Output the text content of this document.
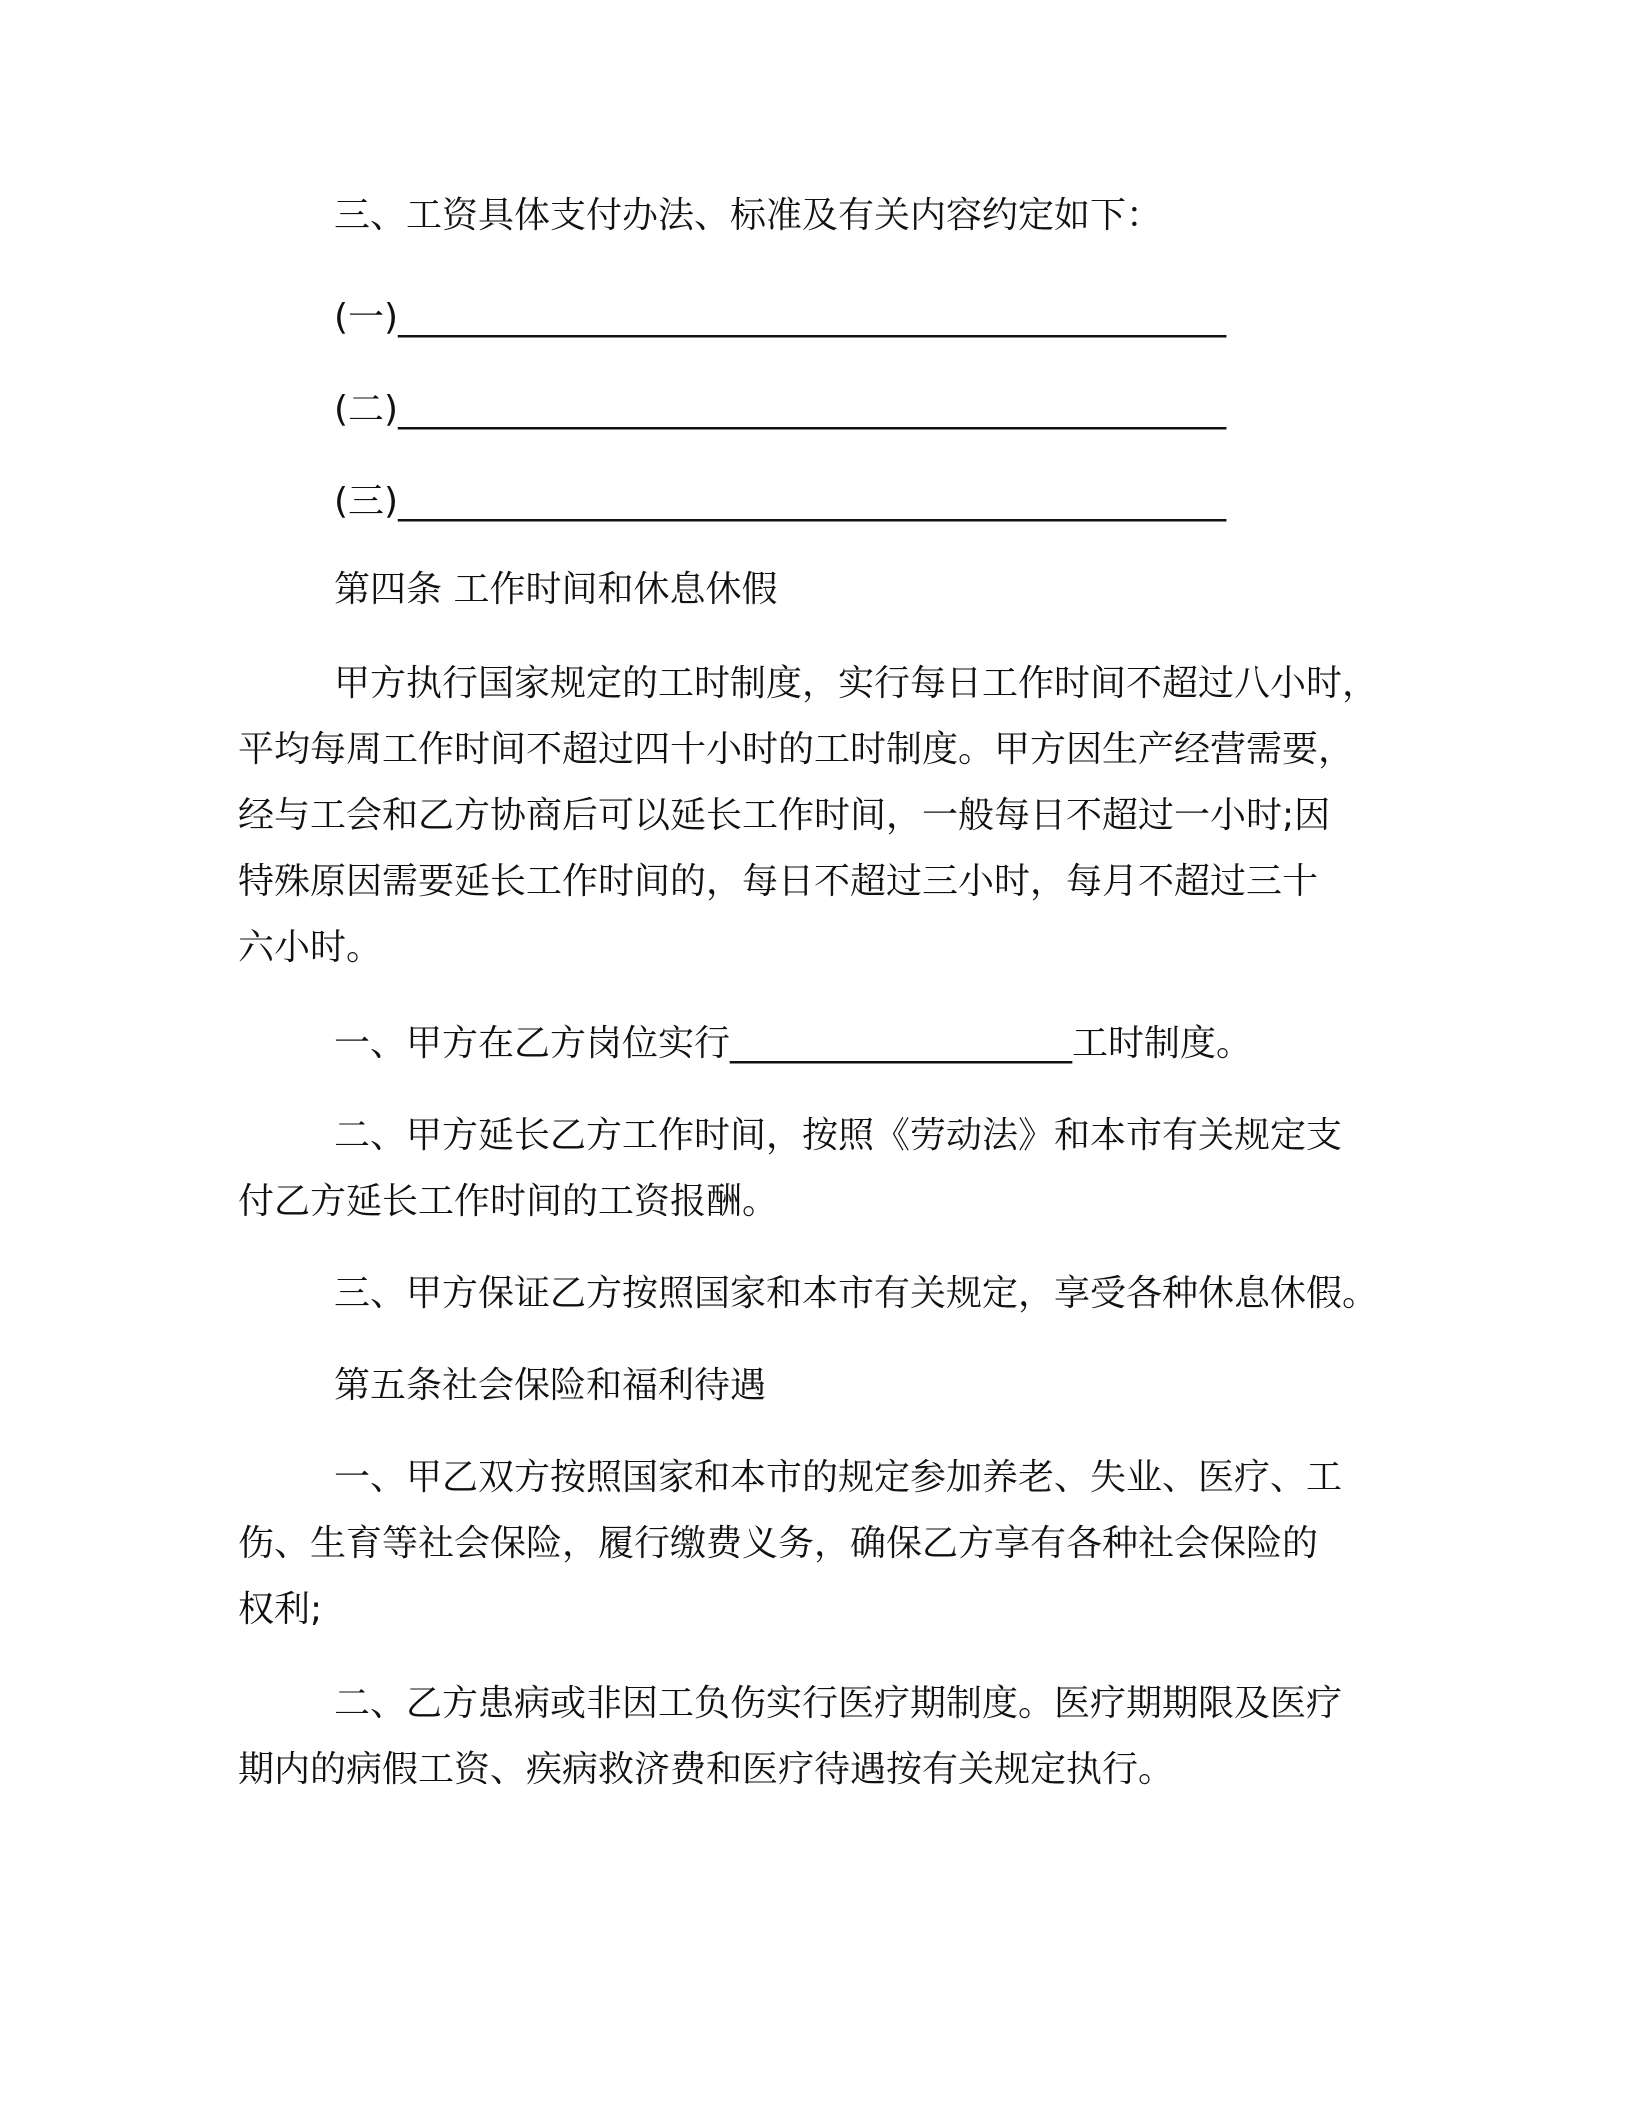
三、工资具体支付办法、标准及有关内容约定如下：
(一)______________________________________________
(二)______________________________________________
(三)______________________________________________
第四条 工作时间和休息休假
甲方执行国家规定的工时制度，实行每日工作时间不超过八小时，
平均每周工作时间不超过四十小时的工时制度。甲方因生产经营需要，
经与工会和乙方协商后可以延长工作时间，一般每日不超过一小时;因
特殊原因需要延长工作时间的，每日不超过三小时，每月不超过三十
六小时。
一、甲方在乙方岗位实行___________________工时制度。
二、甲方延长乙方工作时间，按照《劳动法》和本市有关规定支
付乙方延长工作时间的工资报酬。
三、甲方保证乙方按照国家和本市有关规定，享受各种休息休假。
第五条社会保险和福利待遇
一、甲乙双方按照国家和本市的规定参加养老、失业、医疗、工
伤、生育等社会保险，履行缴费义务，确保乙方享有各种社会保险的
权利;
二、乙方患病或非因工负伤实行医疗期制度。医疗期期限及医疗
期内的病假工资、疾病救济费和医疗待遇按有关规定执行。
